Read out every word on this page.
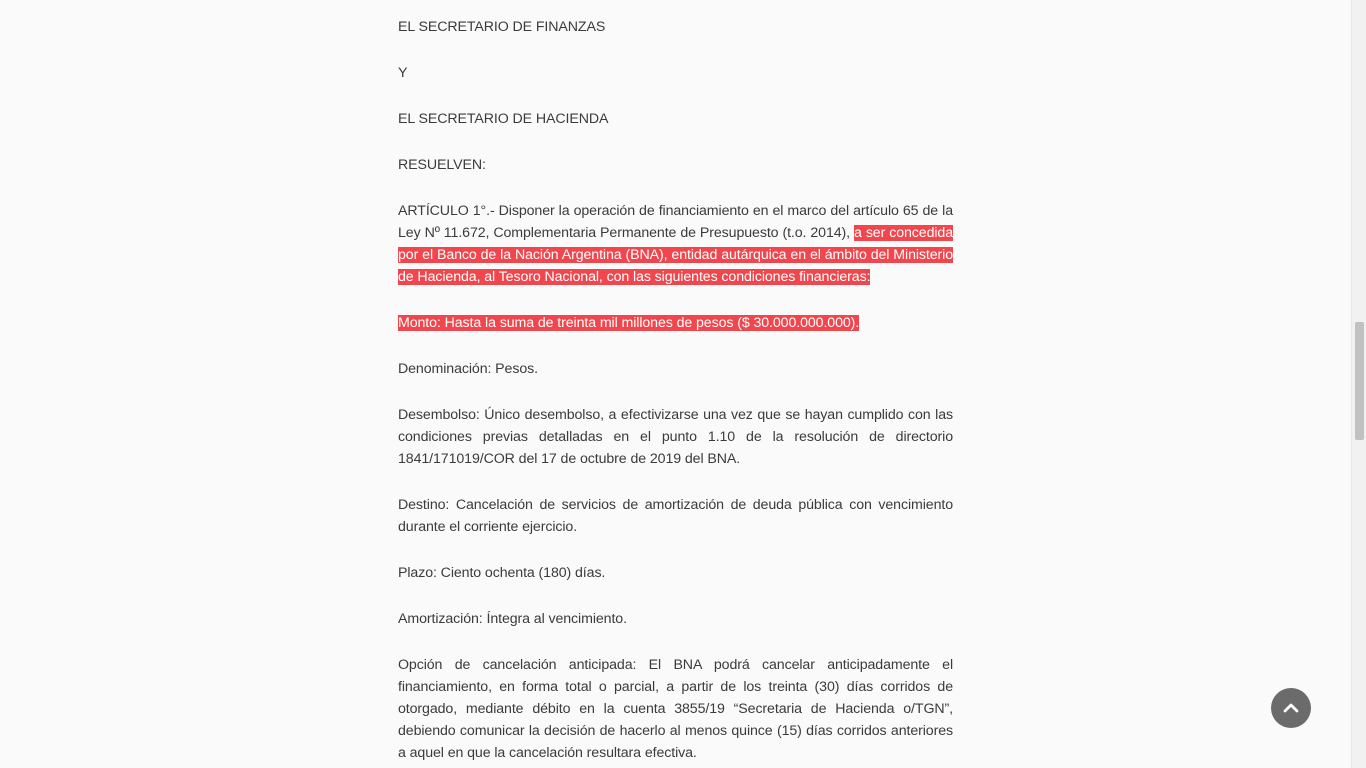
EL SECRETARIO DE FINANZAS

Y

EL SECRETARIO DE HACIENDA

RESUELVEN:

ARTÍCULO 1°.- Disponer la operación de financiamiento en el marco del artículo 65 de la Ley Nº 11.672, Complementaria Permanente de Presupuesto (t.o. 2014), a ser concedida por el Banco de la Nación Argentina (BNA), entidad autárquica en el ámbito del Ministerio de Hacienda, al Tesoro Nacional, con las siguientes condiciones financieras:

Monto: Hasta la suma de treinta mil millones de pesos ($ 30.000.000.000).

Denominación: Pesos.

Desembolso: Único desembolso, a efectivizarse una vez que se hayan cumplido con las condiciones previas detalladas en el punto 1.10 de la resolución de directorio 1841/171019/COR del 17 de octubre de 2019 del BNA.

Destino: Cancelación de servicios de amortización de deuda pública con vencimiento durante el corriente ejercicio.

Plazo: Ciento ochenta (180) días.

Amortización: Íntegra al vencimiento.

Opción de cancelación anticipada: El BNA podrá cancelar anticipadamente el financiamiento, en forma total o parcial, a partir de los treinta (30) días corridos de otorgado, mediante débito en la cuenta 3855/19 “Secretaria de Hacienda o/TGN”, debiendo comunicar la decisión de hacerlo al menos quince (15) días corridos anteriores a aquel en que la cancelación resultara efectiva.
